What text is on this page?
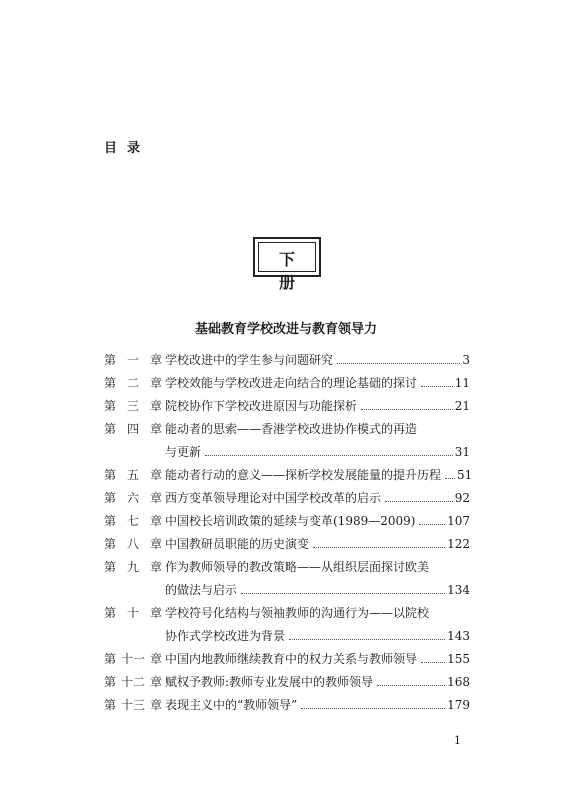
目录
下册
基础教育学校改进与教育领导力
第 一 章 学校改进中的学生参与问题研究	3
第 二 章 学校效能与学校改进走向结合的理论基础的探讨	11
第 三 章 院校协作下学校改进原因与功能探析	21
第 四 章 能动者的思索——香港学校改进协作模式的再造
与更新	31
第 五 章 能动者行动的意义——探析学校发展能量的提升历程 51
第 六 章 西方变革领导理论对中国学校改革的启示	92
第 七 章 中国校长培训政策的延续与变革(1989—2009)	107
第 八 章 中国教研员职能的历史演变	122
第 九 章 作为教师领导的教改策略——从组织层面探讨欧美
的做法与启示	134
第 十 章 学校符号化结构与领袖教师的沟通行为——以院校
协作式学校改进为背景	143
第 十一 章 中国内地教师继续教育中的权力关系与教师领导	155
第 十二 章 赋权予教师:教师专业发展中的教师领导	168
第 十三 章 表现主义中的“教师领导”	179
1
